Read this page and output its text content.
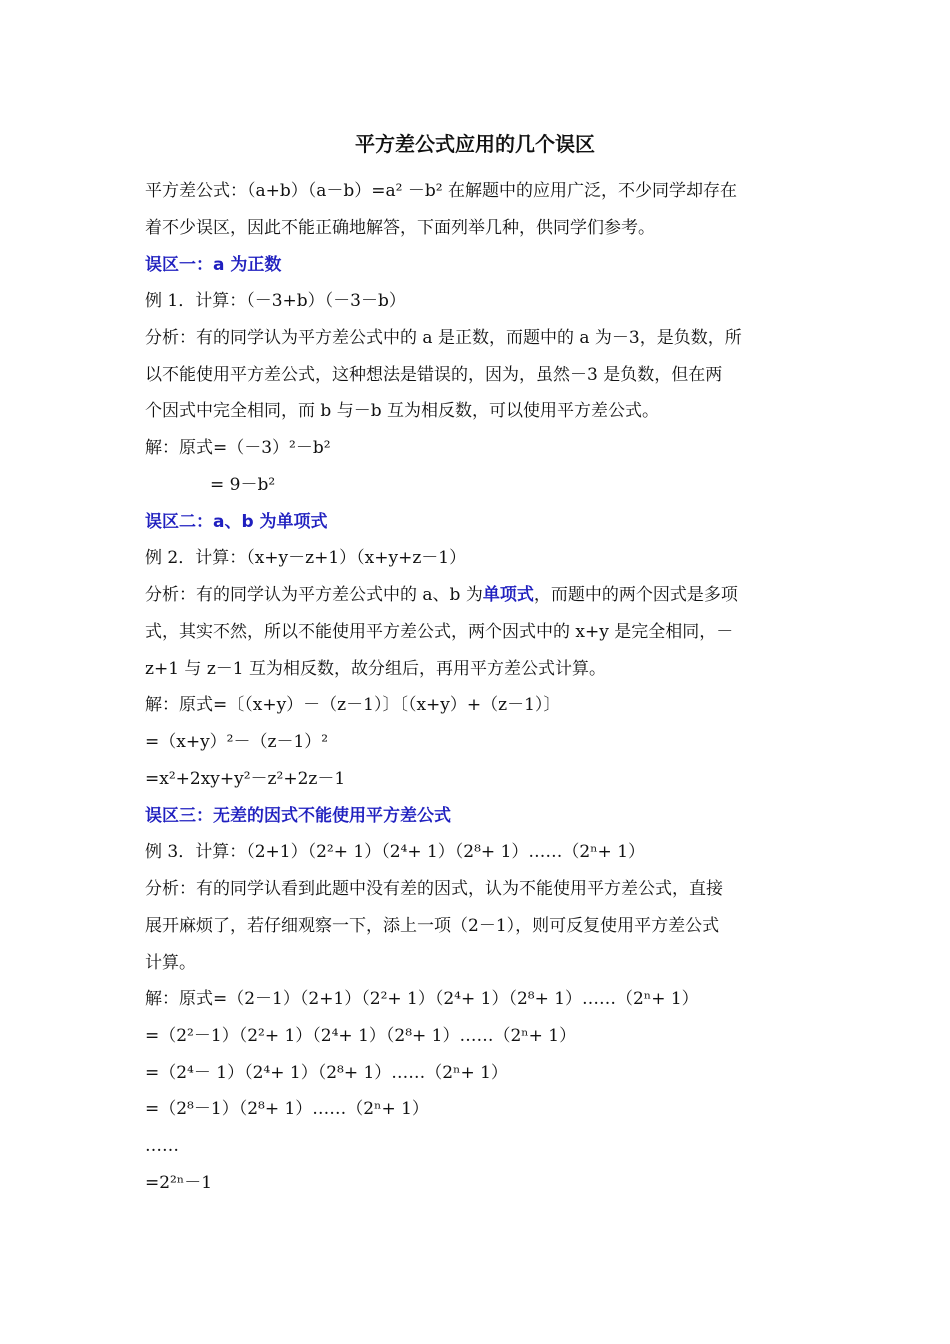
平方差公式应用的几个误区
平方差公式：（a+b）（a－b）=a² －b² 在解题中的应用广泛，不少同学却存在
着不少误区，因此不能正确地解答，下面列举几种，供同学们参考。
误区一：a 为正数
例 1．计算：（－3+b）（－3－b）
分析：有的同学认为平方差公式中的 a 是正数，而题中的 a 为－3，是负数，所
以不能使用平方差公式，这种想法是错误的，因为，虽然－3 是负数，但在两
个因式中完全相同，而 b 与－b 互为相反数，可以使用平方差公式。
解：原式=（－3）²－b²
= 9－b²
误区二：a、b 为单项式
例 2．计算：（x+y－z+1）（x+y+z－1）
分析：有的同学认为平方差公式中的 a、b 为单项式，而题中的两个因式是多项
式，其实不然，所以不能使用平方差公式，两个因式中的 x+y 是完全相同，－
z+1 与 z－1 互为相反数，故分组后，再用平方差公式计算。
解：原式=〔（x+y）－（z－1）〕〔（x+y）+（z－1）〕
=（x+y）²－（z－1）²
=x²+2xy+y²－z²+2z－1
误区三：无差的因式不能使用平方差公式
例 3．计算：（2+1）（2²+ 1）（2⁴+ 1）（2⁸+ 1）……（2ⁿ+ 1）
分析：有的同学认看到此题中没有差的因式，认为不能使用平方差公式，直接
展开麻烦了，若仔细观察一下，添上一项（2－1），则可反复使用平方差公式
计算。
解：原式=（2－1）（2+1）（2²+ 1）（2⁴+ 1）（2⁸+ 1）……（2ⁿ+ 1）
=（2²－1）（2²+ 1）（2⁴+ 1）（2⁸+ 1）……（2ⁿ+ 1）
=（2⁴－ 1）（2⁴+ 1）（2⁸+ 1）……（2ⁿ+ 1）
=（2⁸－1）（2⁸+ 1）……（2ⁿ+ 1）
……
=2²ⁿ－1
